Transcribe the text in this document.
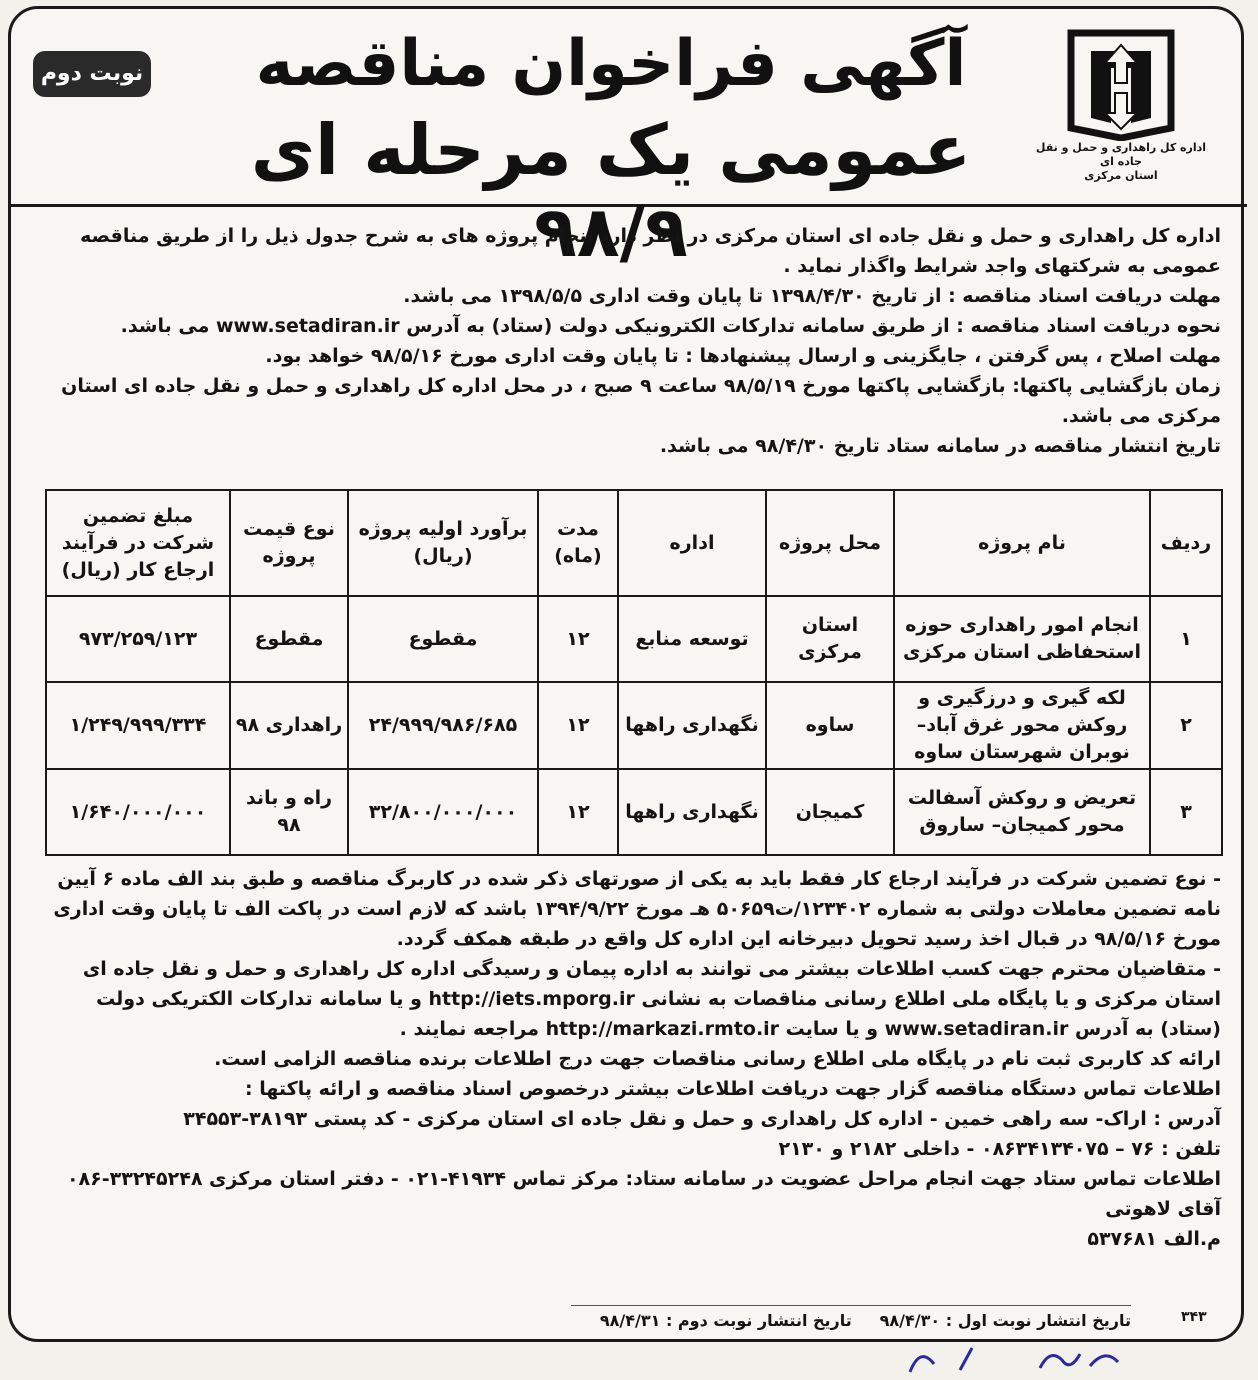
اداره کل راهداری و حمل و نقل جاده ای
استان مرکزی
آگهی فراخوان مناقصه
عمومی یک مرحله ای ۹۸/۹
نوبت دوم
اداره کل راهداری و حمل و نقل جاده ای استان مرکزی در نظر دارد انجام پروژه های به شرح جدول ذیل را از طریق مناقصه عمومی به شرکتهای واجد شرایط واگذار نماید .
مهلت دریافت اسناد مناقصه : از تاریخ ۱۳۹۸/۴/۳۰ تا پایان وقت اداری ۱۳۹۸/۵/۵ می باشد.
نحوه دریافت اسناد مناقصه : از طریق سامانه تدارکات الکترونیکی دولت (ستاد) به آدرس www.setadiran.ir می باشد.
مهلت اصلاح ، پس گرفتن ، جایگزینی و ارسال پیشنهادها : تا پایان وقت اداری مورخ ۹۸/۵/۱۶ خواهد بود.
زمان بازگشایی پاکتها: بازگشایی پاکتها مورخ ۹۸/۵/۱۹ ساعت ۹ صبح ، در محل اداره کل راهداری و حمل و نقل جاده ای استان مرکزی می باشد.
تاریخ انتشار مناقصه در سامانه ستاد تاریخ ۹۸/۴/۳۰ می باشد.
ردیف	نام پروژه	محل پروژه	اداره	مدت (ماه)	برآورد اولیه پروژه (ریال)	نوع قیمت پروژه	مبلغ تضمین شرکت در فرآیند ارجاع کار (ریال)
۱	انجام امور راهداری حوزه استحفاظی استان مرکزی	استان مرکزی	توسعه منابع	۱۲	مقطوع	مقطوع	۹۷۳/۲۵۹/۱۲۳
۲	لکه گیری و درزگیری و روکش محور غرق آباد– نوبران شهرستان ساوه	ساوه	نگهداری راهها	۱۲	۲۴/۹۹۹/۹۸۶/۶۸۵	راهداری ۹۸	۱/۲۴۹/۹۹۹/۳۳۴
۳	تعریض و روکش آسفالت محور کمیجان– ساروق	کمیجان	نگهداری راهها	۱۲	۳۲/۸۰۰/۰۰۰/۰۰۰	راه و باند ۹۸	۱/۶۴۰/۰۰۰/۰۰۰
- نوع تضمین شرکت در فرآیند ارجاع کار فقط باید به یکی از صورتهای ذکر شده در کاربرگ مناقصه و طبق بند الف ماده ۶ آیین نامه تضمین معاملات دولتی به شماره ۱۲۳۴۰۲/ت۵۰۶۵۹ هـ مورخ ۱۳۹۴/۹/۲۲ باشد که لازم است در پاکت الف تا پایان وقت اداری مورخ ۹۸/۵/۱۶ در قبال اخذ رسید تحویل دبیرخانه این اداره کل واقع در طبقه همکف گردد.
- متقاضیان محترم جهت کسب اطلاعات بیشتر می توانند به اداره پیمان و رسیدگی اداره کل راهداری و حمل و نقل جاده ای استان مرکزی و یا پایگاه ملی اطلاع رسانی مناقصات به نشانی http://iets.mporg.ir و یا سامانه تدارکات الکتریکی دولت (ستاد) به آدرس www.setadiran.ir و یا سایت http://markazi.rmto.ir مراجعه نمایند .
ارائه کد کاربری ثبت نام در پایگاه ملی اطلاع رسانی مناقصات جهت درج اطلاعات برنده مناقصه الزامی است.
اطلاعات تماس دستگاه مناقصه گزار جهت دریافت اطلاعات بیشتر درخصوص اسناد مناقصه و ارائه پاکتها :
آدرس : اراک- سه راهی خمین - اداره کل راهداری و حمل و نقل جاده ای استان مرکزی - کد پستی ۳۸۱۹۳-۳۴۵۵۳
تلفن : ۷۶ – ۰۸۶۳۴۱۳۴۰۷۵ - داخلی ۲۱۸۲ و ۲۱۳۰
اطلاعات تماس ستاد جهت انجام مراحل عضویت در سامانه ستاد: مرکز تماس ۴۱۹۳۴-۰۲۱ - دفتر استان مرکزی ۳۳۲۴۵۲۴۸-۰۸۶ آقای لاهوتی
م.الف ۵۳۷۶۸۱
تاریخ انتشار نوبت اول : ۹۸/۴/۳۰     تاریخ انتشار نوبت دوم : ۹۸/۴/۳۱	۳۴۳
